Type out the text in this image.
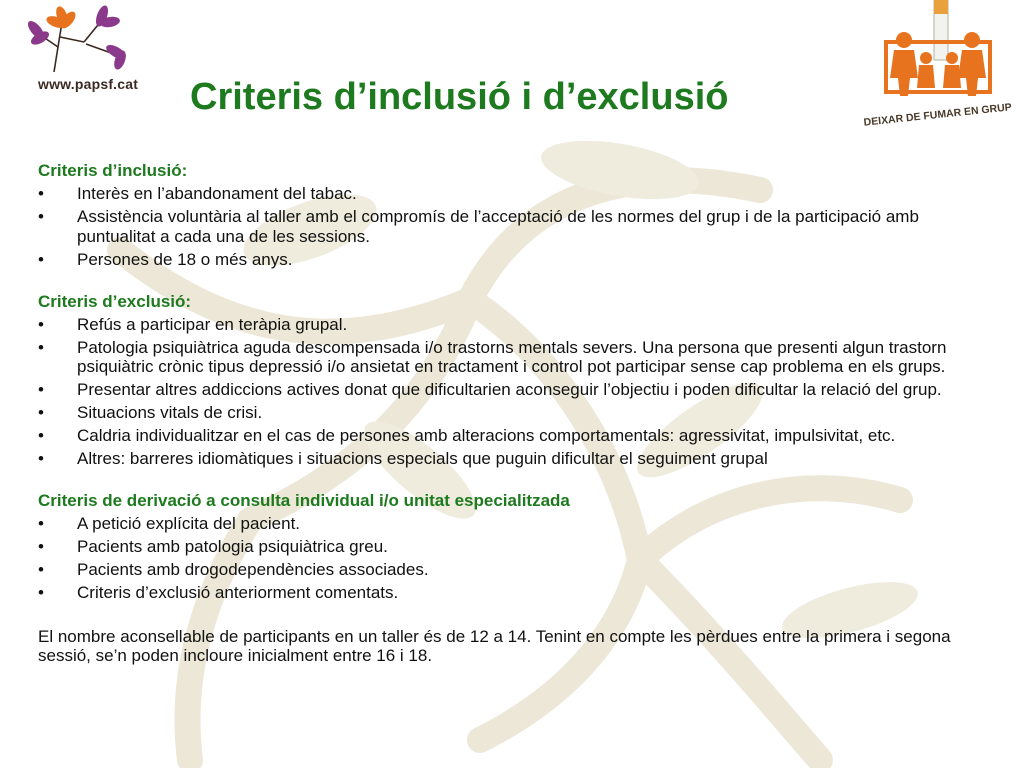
www.papsf.cat
DEIXAR DE FUMAR EN GRUP
Criteris d’inclusió i d’exclusió
Criteris d’inclusió:
• Interès en l’abandonament del tabac.
• Assistència voluntària al taller amb el compromís de l’acceptació de les normes del grup i de la participació amb puntualitat a cada una de les sessions.
• Persones de 18 o més anys.
Criteris d’exclusió:
• Refús a participar en teràpia grupal.
• Patologia psiquiàtrica aguda descompensada i/o trastorns mentals severs. Una persona que presenti algun trastorn psiquiàtric crònic tipus depressió i/o ansietat en tractament i control pot participar sense cap problema en els grups.
• Presentar altres addiccions actives donat que dificultarien aconseguir l’objectiu i poden dificultar la relació del grup.
• Situacions vitals de crisi.
• Caldria individualitzar en el cas de persones amb alteracions comportamentals: agressivitat, impulsivitat, etc.
• Altres: barreres idiomàtiques i situacions especials que puguin dificultar el seguiment grupal
Criteris de derivació a consulta individual i/o unitat especialitzada
• A petició explícita del pacient.
• Pacients amb patologia psiquiàtrica greu.
• Pacients amb drogodependències associades.
• Criteris d’exclusió anteriorment comentats.

El nombre aconsellable de participants en un taller és de 12 a 14. Tenint en compte les pèrdues entre la primera i segona sessió, se’n poden incloure inicialment entre 16 i 18.
